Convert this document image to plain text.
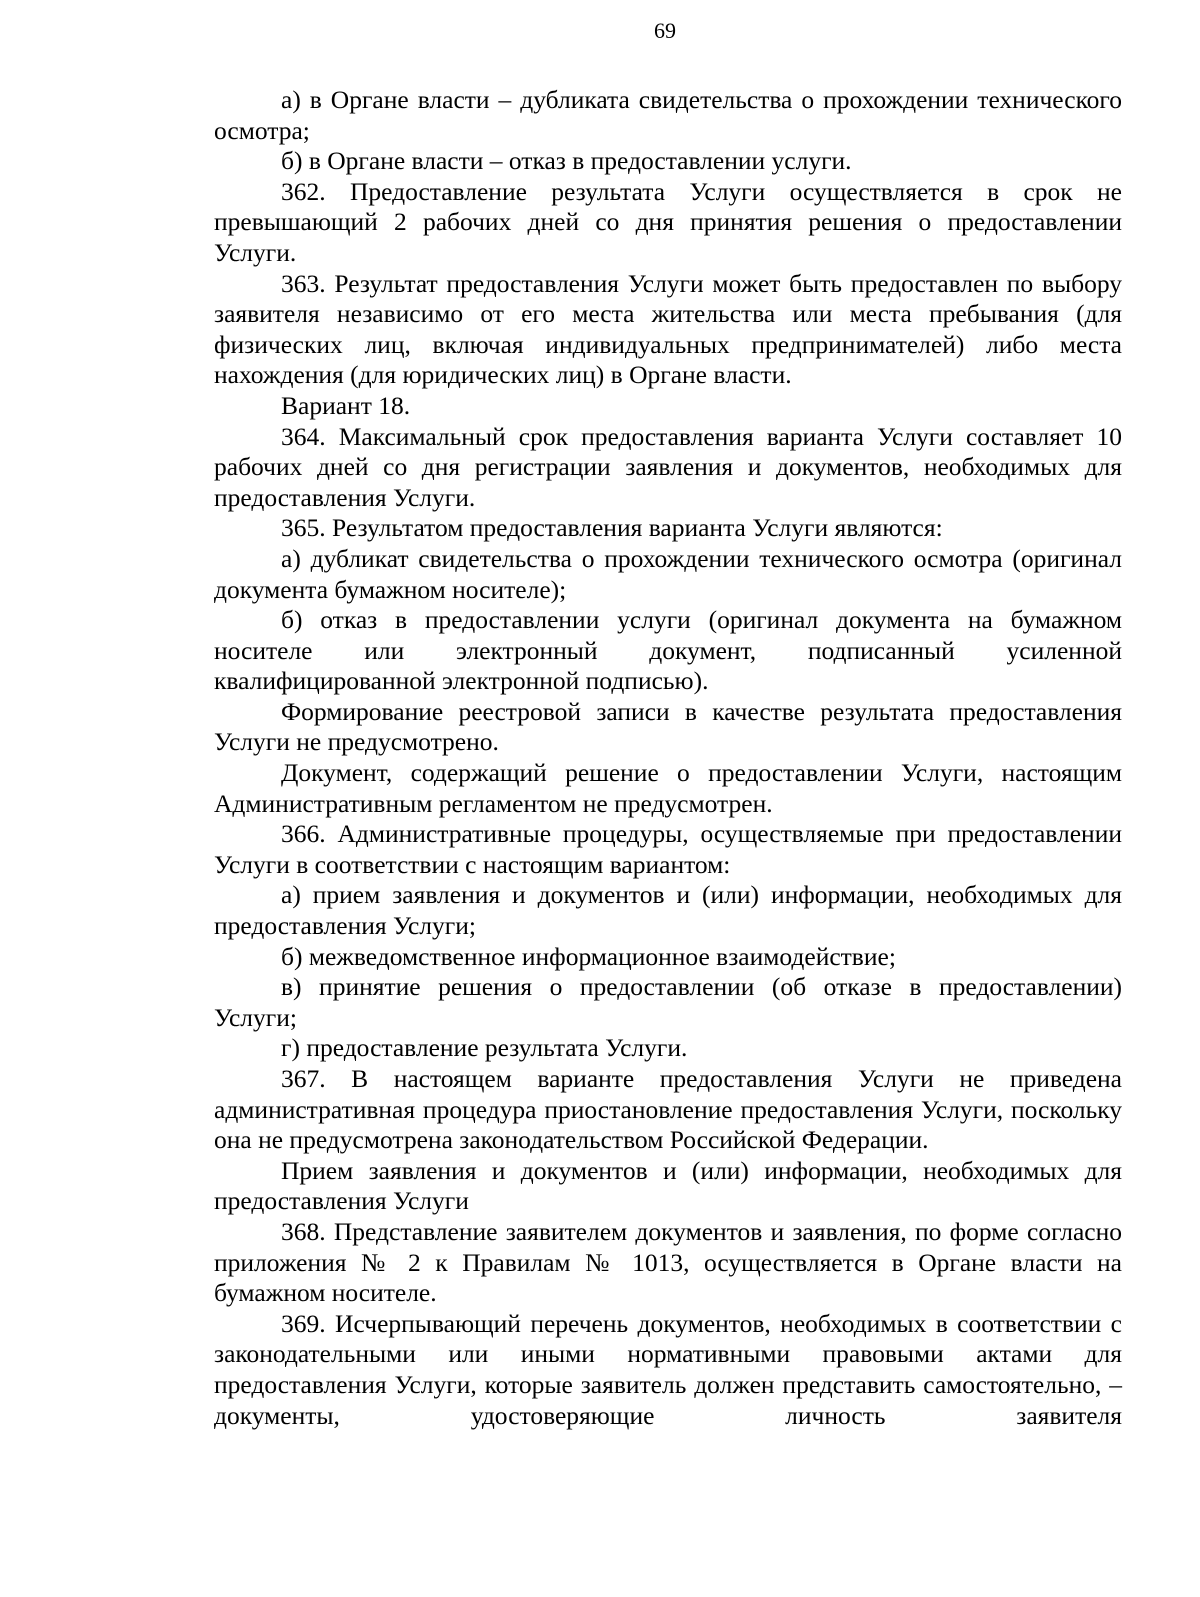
69

а) в Органе власти – дубликата свидетельства о прохождении технического осмотра;

б) в Органе власти – отказ в предоставлении услуги.

362. Предоставление результата Услуги осуществляется в срок не превышающий 2 рабочих дней со дня принятия решения о предоставлении Услуги.

363. Результат предоставления Услуги может быть предоставлен по выбору заявителя независимо от его места жительства или места пребывания (для физических лиц, включая индивидуальных предпринимателей) либо места нахождения (для юридических лиц) в Органе власти.

Вариант 18.

364. Максимальный срок предоставления варианта Услуги составляет 10 рабочих дней со дня регистрации заявления и документов, необходимых для предоставления Услуги.

365. Результатом предоставления варианта Услуги являются:

а) дубликат свидетельства о прохождении технического осмотра (оригинал документа бумажном носителе);

б) отказ в предоставлении услуги (оригинал документа на бумажном носителе или электронный документ, подписанный усиленной квалифицированной электронной подписью).

Формирование реестровой записи в качестве результата предоставления Услуги не предусмотрено.

Документ, содержащий решение о предоставлении Услуги, настоящим Административным регламентом не предусмотрен.

366. Административные процедуры, осуществляемые при предоставлении Услуги в соответствии с настоящим вариантом:

а) прием заявления и документов и (или) информации, необходимых для предоставления Услуги;

б) межведомственное информационное взаимодействие;

в) принятие решения о предоставлении (об отказе в предоставлении) Услуги;

г) предоставление результата Услуги.

367. В настоящем варианте предоставления Услуги не приведена административная процедура приостановление предоставления Услуги, поскольку она не предусмотрена законодательством Российской Федерации.

Прием заявления и документов и (или) информации, необходимых для предоставления Услуги

368. Представление заявителем документов и заявления, по форме согласно приложения № 2 к Правилам № 1013, осуществляется в Органе власти на бумажном носителе.

369. Исчерпывающий перечень документов, необходимых в соответствии с законодательными или иными нормативными правовыми актами для предоставления Услуги, которые заявитель должен представить самостоятельно, – документы, удостоверяющие личность заявителя
